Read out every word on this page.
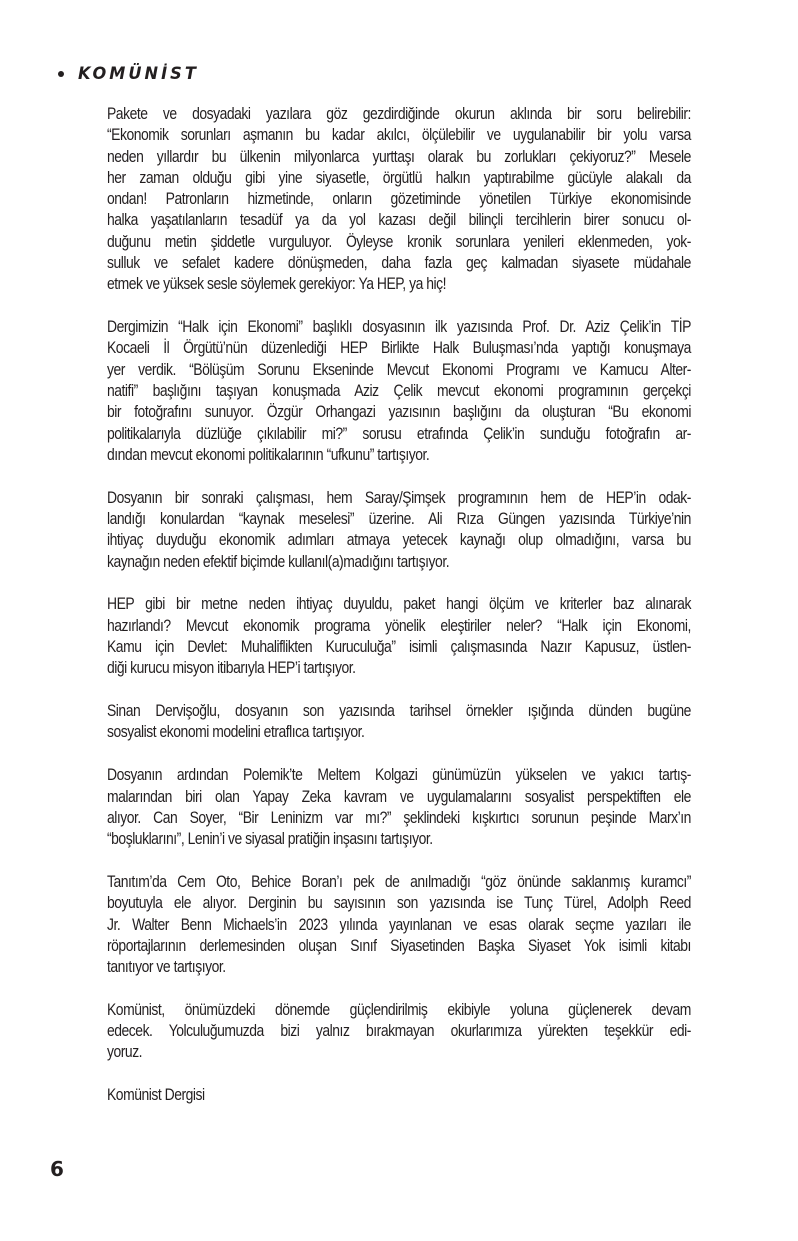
KOMÜNİST
Pakete ve dosyadaki yazılara göz gezdirdiğinde okurun aklında bir soru belirebilir:
“Ekonomik sorunları aşmanın bu kadar akılcı, ölçülebilir ve uygulanabilir bir yolu varsa
neden yıllardır bu ülkenin milyonlarca yurttaşı olarak bu zorlukları çekiyoruz?” Mesele
her zaman olduğu gibi yine siyasetle, örgütlü halkın yaptırabilme gücüyle alakalı da
ondan! Patronların hizmetinde, onların gözetiminde yönetilen Türkiye ekonomisinde
halka yaşatılanların tesadüf ya da yol kazası değil bilinçli tercihlerin birer sonucu ol-
duğunu metin şiddetle vurguluyor. Öyleyse kronik sorunlara yenileri eklenmeden, yok-
sulluk ve sefalet kadere dönüşmeden, daha fazla geç kalmadan siyasete müdahale
etmek ve yüksek sesle söylemek gerekiyor: Ya HEP, ya hiç!
Dergimizin “Halk için Ekonomi” başlıklı dosyasının ilk yazısında Prof. Dr. Aziz Çelik’in TİP
Kocaeli İl Örgütü’nün düzenlediği HEP Birlikte Halk Buluşması’nda yaptığı konuşmaya
yer verdik. “Bölüşüm Sorunu Ekseninde Mevcut Ekonomi Programı ve Kamucu Alter-
natifi” başlığını taşıyan konuşmada Aziz Çelik mevcut ekonomi programının gerçekçi
bir fotoğrafını sunuyor. Özgür Orhangazi yazısının başlığını da oluşturan “Bu ekonomi
politikalarıyla düzlüğe çıkılabilir mi?” sorusu etrafında Çelik’in sunduğu fotoğrafın ar-
dından mevcut ekonomi politikalarının “ufkunu” tartışıyor.
Dosyanın bir sonraki çalışması, hem Saray/Şimşek programının hem de HEP’in odak-
landığı konulardan “kaynak meselesi” üzerine. Ali Rıza Güngen yazısında Türkiye’nin
ihtiyaç duyduğu ekonomik adımları atmaya yetecek kaynağı olup olmadığını, varsa bu
kaynağın neden efektif biçimde kullanıl(a)madığını tartışıyor.
HEP gibi bir metne neden ihtiyaç duyuldu, paket hangi ölçüm ve kriterler baz alınarak
hazırlandı? Mevcut ekonomik programa yönelik eleştiriler neler? “Halk için Ekonomi,
Kamu için Devlet: Muhaliflikten Kuruculuğa” isimli çalışmasında Nazır Kapusuz, üstlen-
diği kurucu misyon itibarıyla HEP’i tartışıyor.
Sinan Dervişoğlu, dosyanın son yazısında tarihsel örnekler ışığında dünden bugüne
sosyalist ekonomi modelini etraflıca tartışıyor.
Dosyanın ardından Polemik’te Meltem Kolgazi günümüzün yükselen ve yakıcı tartış-
malarından biri olan Yapay Zeka kavram ve uygulamalarını sosyalist perspektiften ele
alıyor. Can Soyer, “Bir Leninizm var mı?” şeklindeki kışkırtıcı sorunun peşinde Marx’ın
“boşluklarını”, Lenin’i ve siyasal pratiğin inşasını tartışıyor.
Tanıtım’da Cem Oto, Behice Boran’ı pek de anılmadığı “göz önünde saklanmış kuramcı”
boyutuyla ele alıyor. Derginin bu sayısının son yazısında ise Tunç Türel, Adolph Reed
Jr. Walter Benn Michaels’in 2023 yılında yayınlanan ve esas olarak seçme yazıları ile
röportajlarının derlemesinden oluşan Sınıf Siyasetinden Başka Siyaset Yok isimli kitabı
tanıtıyor ve tartışıyor.
Komünist, önümüzdeki dönemde güçlendirilmiş ekibiyle yoluna güçlenerek devam
edecek. Yolculuğumuzda bizi yalnız bırakmayan okurlarımıza yürekten teşekkür edi-
yoruz.
Komünist Dergisi
6
